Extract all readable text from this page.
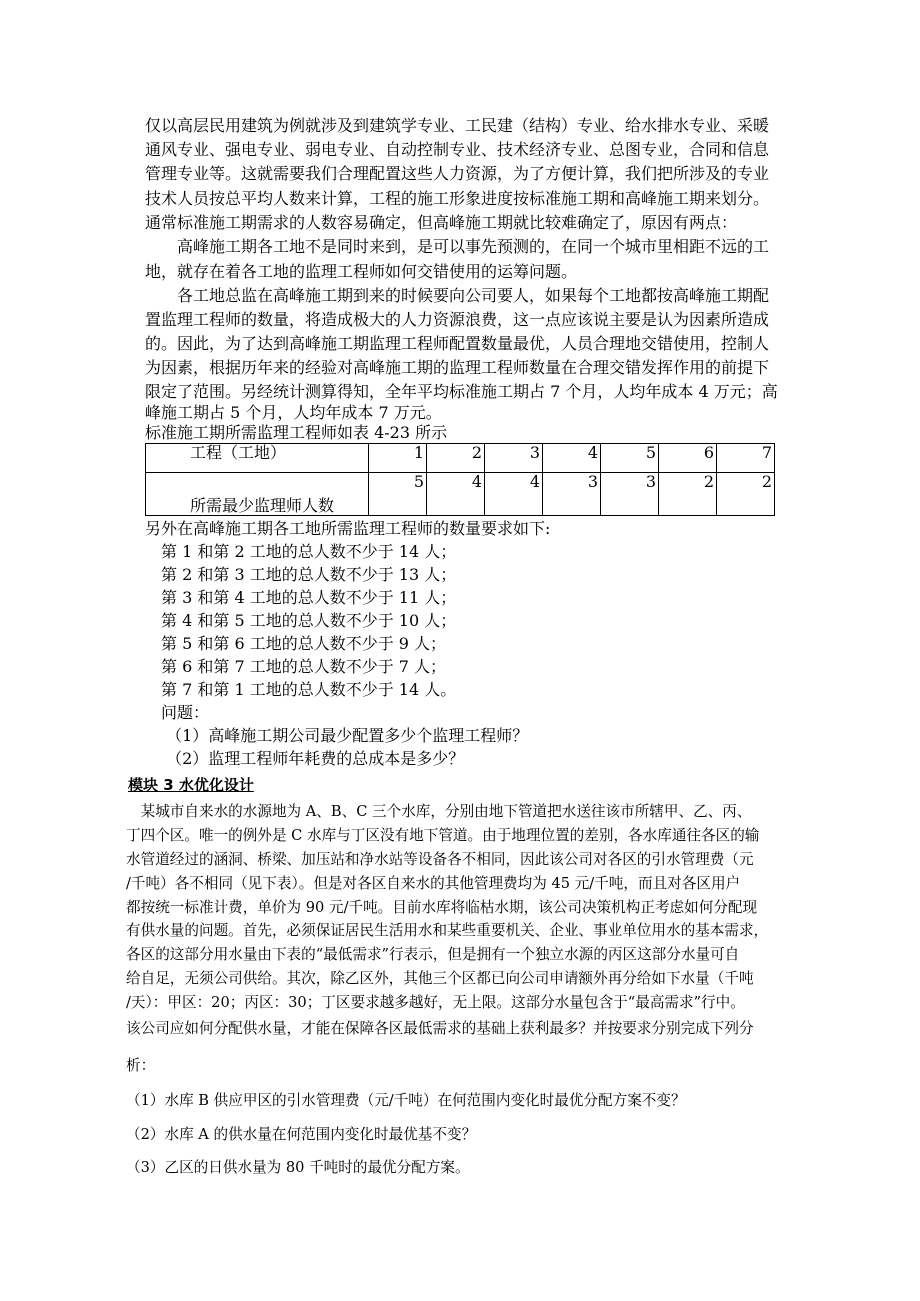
仅以高层民用建筑为例就涉及到建筑学专业、工民建（结构）专业、给水排水专业、采暖
通风专业、强电专业、弱电专业、自动控制专业、技术经济专业、总图专业，合同和信息
管理专业等。这就需要我们合理配置这些人力资源，为了方便计算，我们把所涉及的专业
技术人员按总平均人数来计算，工程的施工形象进度按标准施工期和高峰施工期来划分。
通常标准施工期需求的人数容易确定，但高峰施工期就比较难确定了，原因有两点：
　　高峰施工期各工地不是同时来到，是可以事先预测的，在同一个城市里相距不远的工
地，就存在着各工地的监理工程师如何交错使用的运筹问题。
　　各工地总监在高峰施工期到来的时候要向公司要人，如果每个工地都按高峰施工期配
置监理工程师的数量，将造成极大的人力资源浪费，这一点应该说主要是认为因素所造成
的。因此，为了达到高峰施工期监理工程师配置数量最优，人员合理地交错使用，控制人
为因素，根据历年来的经验对高峰施工期的监理工程师数量在合理交错发挥作用的前提下
限定了范围。另经统计测算得知，全年平均标准施工期占 7 个月，人均年成本 4 万元；高
峰施工期占 5 个月，人均年成本 7 万元。
标准施工期所需监理工程师如表 4-23 所示
工程（工地）	1	2	3	4	5	6	7
所需最少监理师人数	5	4	4	3	3	2	2
另外在高峰施工期各工地所需监理工程师的数量要求如下:
　第 1 和第 2 工地的总人数不少于 14 人；
　第 2 和第 3 工地的总人数不少于 13 人；
　第 3 和第 4 工地的总人数不少于 11 人；
　第 4 和第 5 工地的总人数不少于 10 人；
　第 5 和第 6 工地的总人数不少于 9 人；
　第 6 和第 7 工地的总人数不少于 7 人；
　第 7 和第 1 工地的总人数不少于 14 人。
　问题：
　 （1）高峰施工期公司最少配置多少个监理工程师？
　 （2）监理工程师年耗费的总成本是多少？
模块 3 水优化设计
　某城市自来水的水源地为 A、B、C 三个水库，分别由地下管道把水送往该市所辖甲、乙、丙、
丁四个区。唯一的例外是 C 水库与丁区没有地下管道。由于地理位置的差别，各水库通往各区的输
水管道经过的涵洞、桥梁、加压站和净水站等设备各不相同，因此该公司对各区的引水管理费（元
/千吨）各不相同（见下表）。但是对各区自来水的其他管理费均为 45 元/千吨，而且对各区用户
都按统一标准计费，单价为 90 元/千吨。目前水库将临枯水期，该公司决策机构正考虑如何分配现
有供水量的问题。首先，必须保证居民生活用水和某些重要机关、企业、事业单位用水的基本需求，
各区的这部分用水量由下表的“最低需求”行表示，但是拥有一个独立水源的丙区这部分水量可自
给自足，无须公司供给。其次，除乙区外，其他三个区都已向公司申请额外再分给如下水量（千吨
/天）：甲区：20；丙区：30；丁区要求越多越好，无上限。这部分水量包含于“最高需求”行中。
该公司应如何分配供水量，才能在保障各区最低需求的基础上获利最多？并按要求分别完成下列分
析：
（1）水库 B 供应甲区的引水管理费（元/千吨）在何范围内变化时最优分配方案不变？
（2）水库 A 的供水量在何范围内变化时最优基不变？
（3）乙区的日供水量为 80 千吨时的最优分配方案。
